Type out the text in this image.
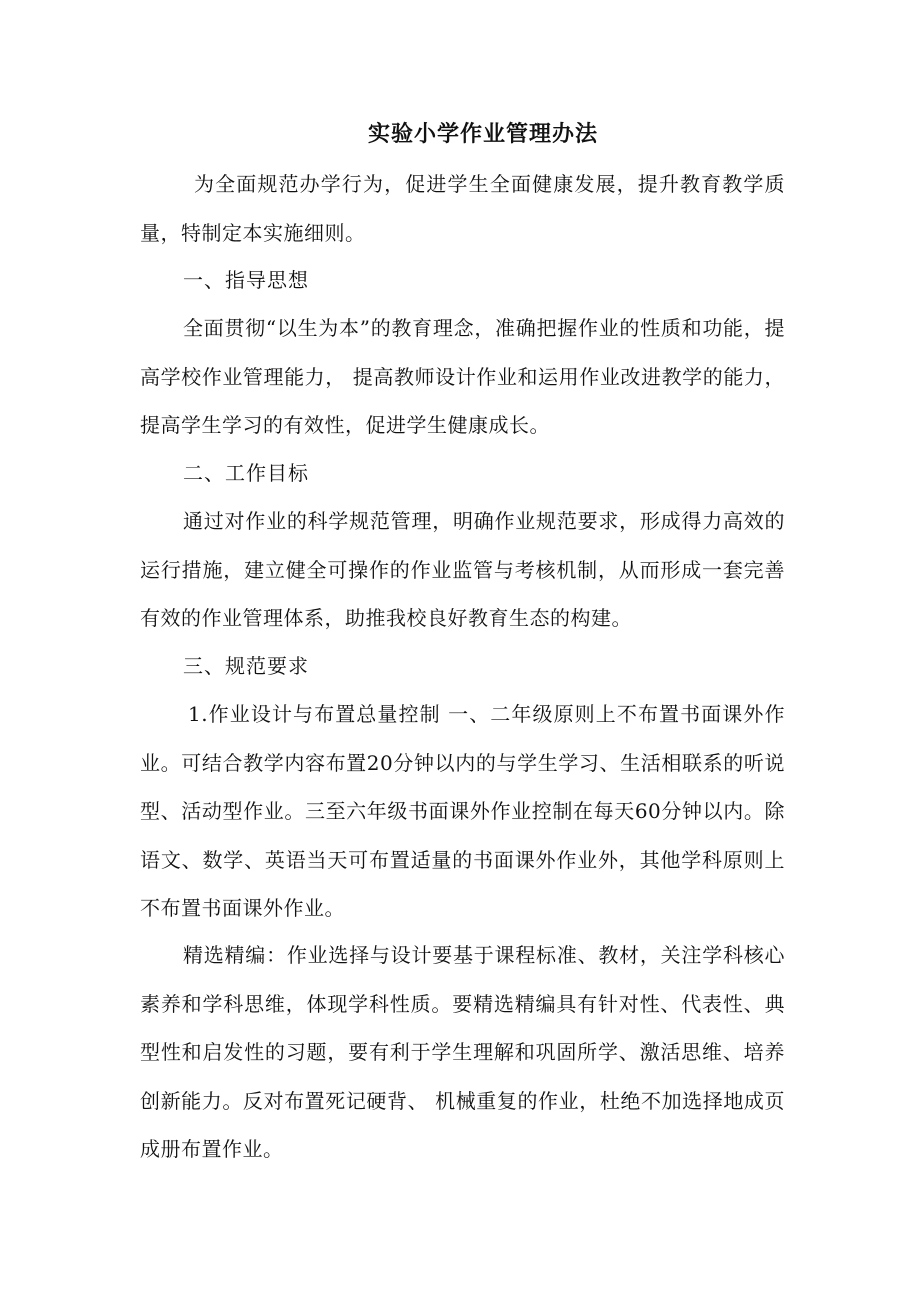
实验小学作业管理办法

为全面规范办学行为，促进学生全面健康发展，提升教育教学质量，特制定本实施细则。

一、指导思想

全面贯彻“以生为本”的教育理念，准确把握作业的性质和功能，提高学校作业管理能力， 提高教师设计作业和运用作业改进教学的能力，提高学生学习的有效性，促进学生健康成长。

二、工作目标

通过对作业的科学规范管理，明确作业规范要求，形成得力高效的运行措施，建立健全可操作的作业监管与考核机制，从而形成一套完善有效的作业管理体系，助推我校良好教育生态的构建。

三、规范要求

1.作业设计与布置总量控制 一、二年级原则上不布置书面课外作业。可结合教学内容布置20分钟以内的与学生学习、生活相联系的听说型、活动型作业。三至六年级书面课外作业控制在每天60分钟以内。除语文、数学、英语当天可布置适量的书面课外作业外，其他学科原则上不布置书面课外作业。

精选精编：作业选择与设计要基于课程标准、教材，关注学科核心素养和学科思维，体现学科性质。要精选精编具有针对性、代表性、典型性和启发性的习题，要有利于学生理解和巩固所学、激活思维、培养创新能力。反对布置死记硬背、 机械重复的作业，杜绝不加选择地成页成册布置作业。
